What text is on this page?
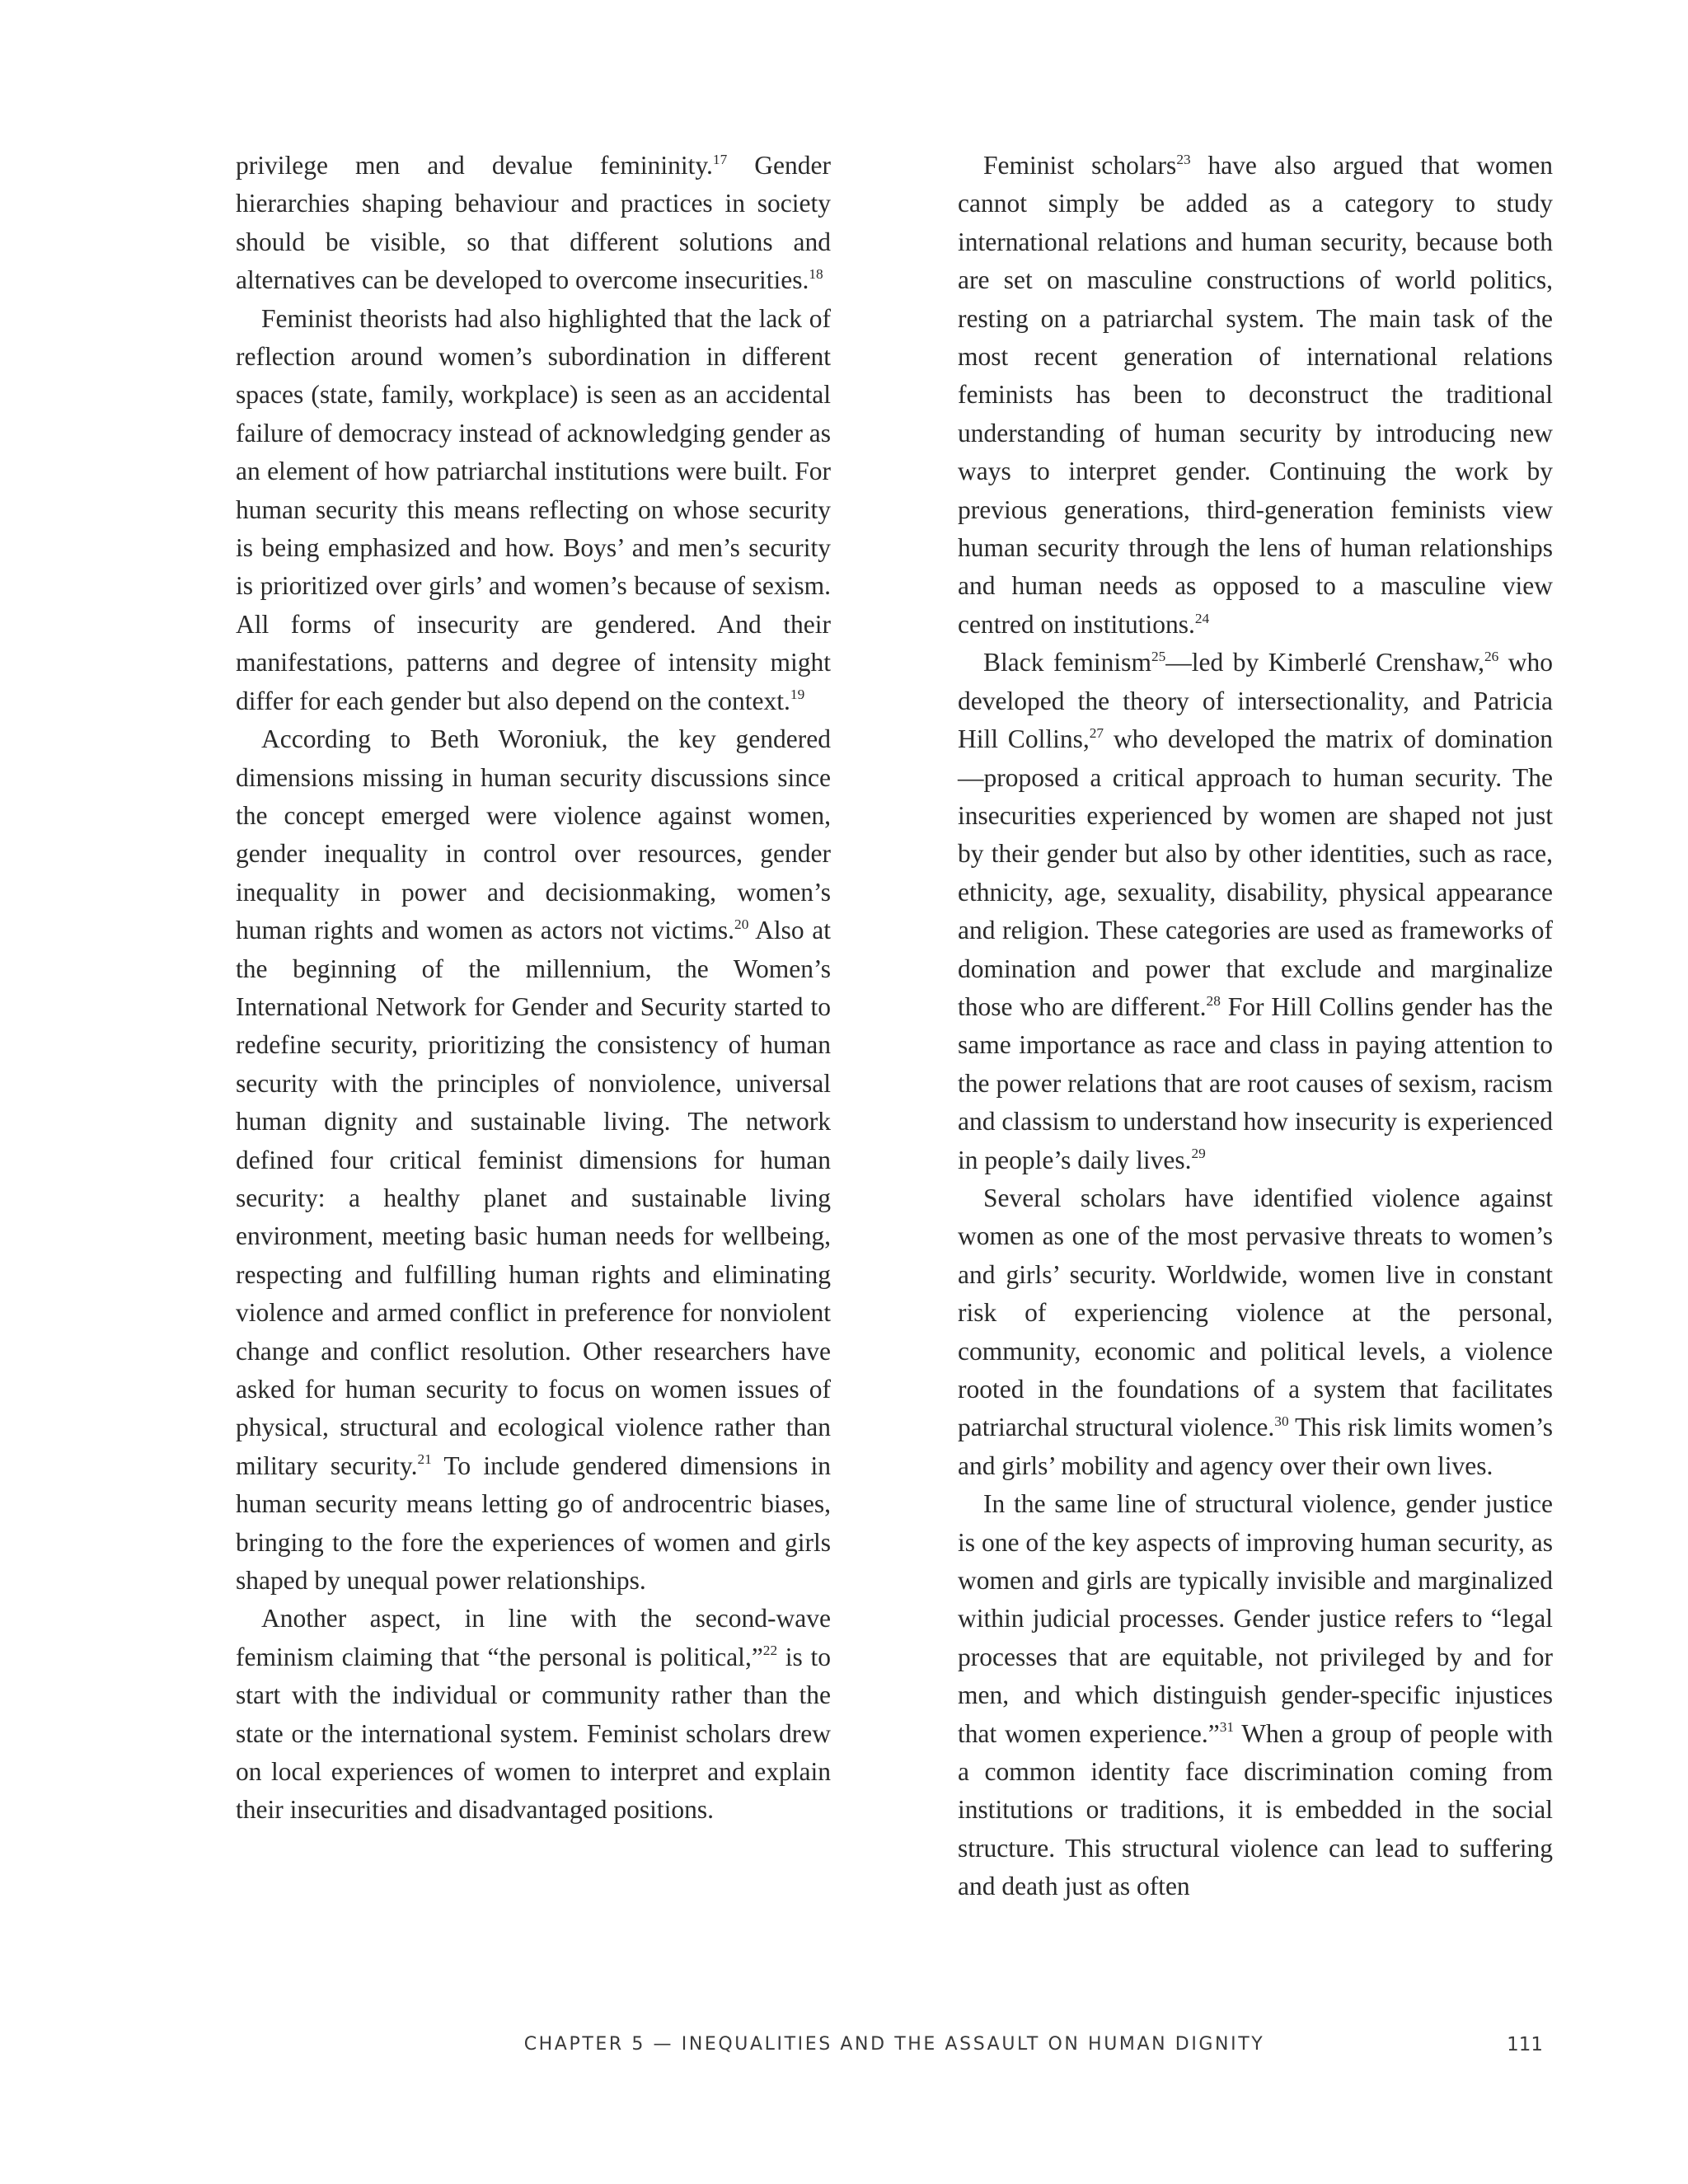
privilege men and devalue femininity.$^{17}$ Gender hierarchies shaping behaviour and practices in society should be visible, so that different solutions and alternatives can be developed to overcome insecurities.$^{18}$

Feminist theorists had also highlighted that the lack of reflection around women’s subordination in different spaces (state, family, workplace) is seen as an accidental failure of democracy instead of acknowledging gender as an element of how patriarchal institutions were built. For human security this means reflecting on whose security is being emphasized and how. Boys’ and men’s security is prioritized over girls’ and women’s because of sexism. All forms of insecurity are gendered. And their manifestations, patterns and degree of intensity might differ for each gender but also depend on the context.$^{19}$

According to Beth Woroniuk, the key gendered dimensions missing in human security discussions since the concept emerged were violence against women, gender inequality in control over resources, gender inequality in power and decisionmaking, women’s human rights and women as actors not victims.$^{20}$ Also at the beginning of the millennium, the Women’s International Network for Gender and Security started to redefine security, prioritizing the consistency of human security with the principles of nonviolence, universal human dignity and sustainable living. The network defined four critical feminist dimensions for human security: a healthy planet and sustainable living environment, meeting basic human needs for wellbeing, respecting and fulfilling human rights and eliminating violence and armed conflict in preference for nonviolent change and conflict resolution. Other researchers have asked for human security to focus on women issues of physical, structural and ecological violence rather than military security.$^{21}$ To include gendered dimensions in human security means letting go of androcentric biases, bringing to the fore the experiences of women and girls shaped by unequal power relationships.

Another aspect, in line with the second-wave feminism claiming that “the personal is political,”$^{22}$ is to start with the individual or community rather than the state or the international system. Feminist scholars drew on local experiences of women to interpret and explain their insecurities and disadvantaged positions.

Feminist scholars$^{23}$ have also argued that women cannot simply be added as a category to study international relations and human security, because both are set on masculine constructions of world politics, resting on a patriarchal system. The main task of the most recent generation of international relations feminists has been to deconstruct the traditional understanding of human security by introducing new ways to interpret gender. Continuing the work by previous generations, third-generation feminists view human security through the lens of human relationships and human needs as opposed to a masculine view centred on institutions.$^{24}$

Black feminism$^{25}$—led by Kimberlé Crenshaw,$^{26}$ who developed the theory of intersectionality, and Patricia Hill Collins,$^{27}$ who developed the matrix of domination—proposed a critical approach to human security. The insecurities experienced by women are shaped not just by their gender but also by other identities, such as race, ethnicity, age, sexuality, disability, physical appearance and religion. These categories are used as frameworks of domination and power that exclude and marginalize those who are different.$^{28}$ For Hill Collins gender has the same importance as race and class in paying attention to the power relations that are root causes of sexism, racism and classism to understand how insecurity is experienced in people’s daily lives.$^{29}$

Several scholars have identified violence against women as one of the most pervasive threats to women’s and girls’ security. Worldwide, women live in constant risk of experiencing violence at the personal, community, economic and political levels, a violence rooted in the foundations of a system that facilitates patriarchal structural violence.$^{30}$ This risk limits women’s and girls’ mobility and agency over their own lives.

In the same line of structural violence, gender justice is one of the key aspects of improving human security, as women and girls are typically invisible and marginalized within judicial processes. Gender justice refers to “legal processes that are equitable, not privileged by and for men, and which distinguish gender-specific injustices that women experience.”$^{31}$ When a group of people with a common identity face discrimination coming from institutions or traditions, it is embedded in the social structure. This structural violence can lead to suffering and death just as often

CHAPTER 5 — INEQUALITIES AND THE ASSAULT ON HUMAN DIGNITY	111
